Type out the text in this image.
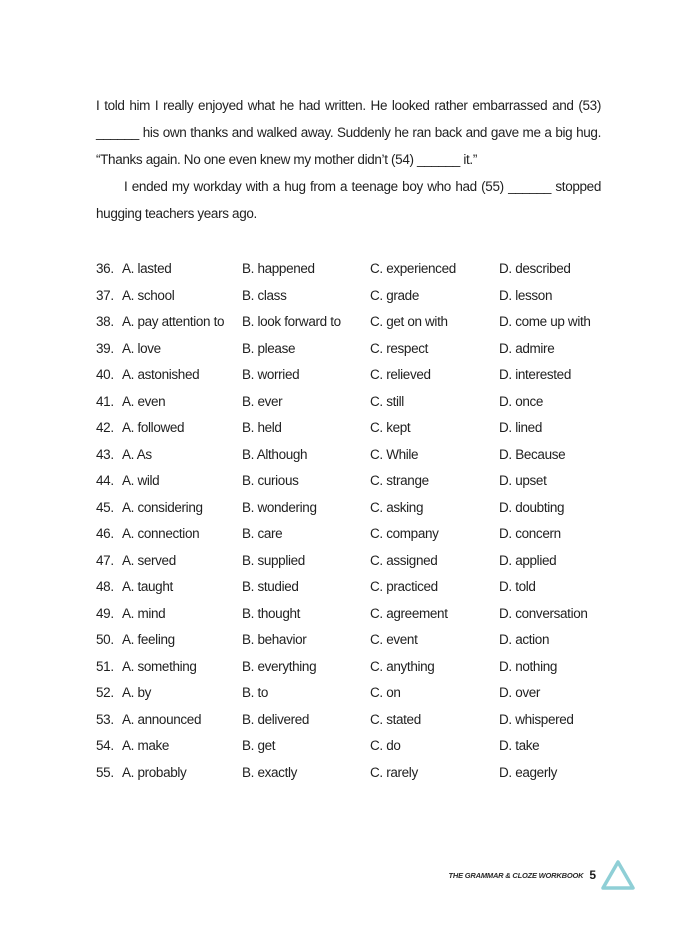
I told him I really enjoyed what he had written. He looked rather embarrassed and (53) ______ his own thanks and walked away. Suddenly he ran back and gave me a big hug. “Thanks again. No one even knew my mother didn’t (54) ______ it.”

I ended my workday with a hug from a teenage boy who had (55) ______ stopped hugging teachers years ago.

36. A. lasted	B. happened	C. experienced	D. described
37. A. school	B. class	C. grade	D. lesson
38. A. pay attention to B. look forward to C. get on with	D. come up with
39. A. love	B. please	C. respect	D. admire
40. A. astonished	B. worried	C. relieved	D. interested
41. A. even	B. ever	C. still	D. once
42. A. followed	B. held	C. kept	D. lined
43. A. As	B. Although	C. While	D. Because
44. A. wild	B. curious	C. strange	D. upset
45. A. considering	B. wondering	C. asking	D. doubting
46. A. connection	B. care	C. company	D. concern
47. A. served	B. supplied	C. assigned	D. applied
48. A. taught	B. studied	C. practiced	D. told
49. A. mind	B. thought	C. agreement	D. conversation
50. A. feeling	B. behavior	C. event	D. action
51. A. something	B. everything	C. anything	D. nothing
52. A. by	B. to	C. on	D. over
53. A. announced	B. delivered	C. stated	D. whispered
54. A. make	B. get	C. do	D. take
55. A. probably	B. exactly	C. rarely	D. eagerly
THE GRAMMAR & CLOZE WORKBOOK 5
